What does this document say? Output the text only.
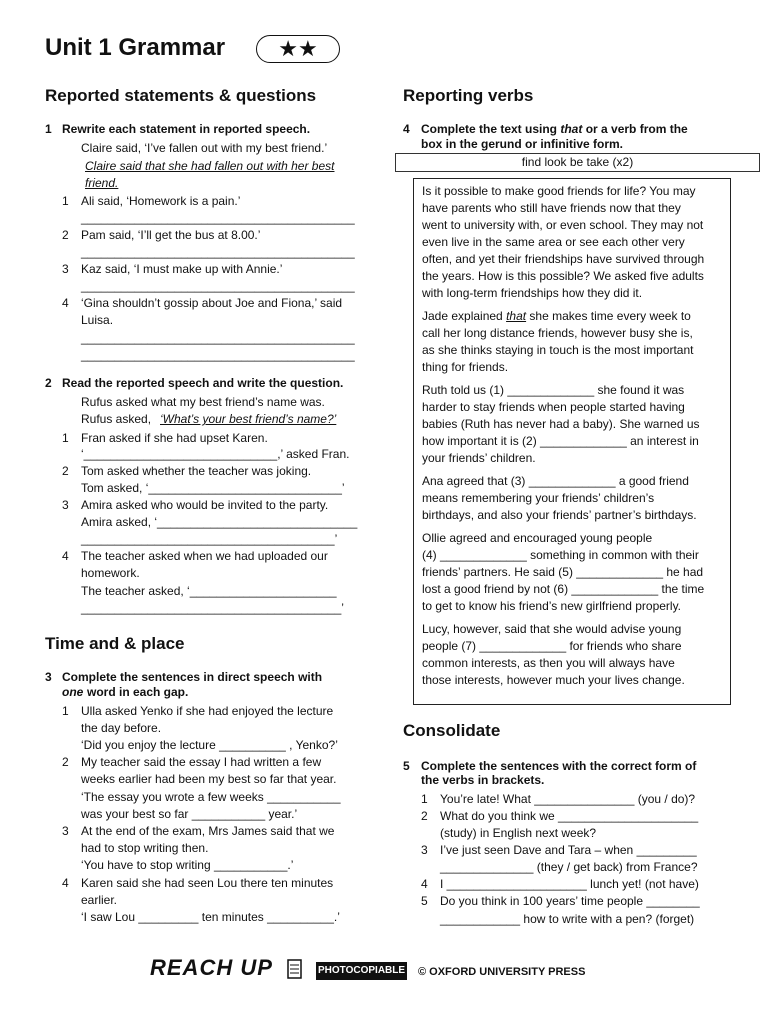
Unit 1 Grammar	★★
Reported statements & questions
1 Rewrite each statement in reported speech.
Claire said, ‘I’ve fallen out with my best friend.’
Claire said that she had fallen out with her best
friend.
1 Ali said, ‘Homework is a pain.’
_________________________________________
2 Pam said, ‘I’ll get the bus at 8.00.’
_________________________________________
3 Kaz said, ‘I must make up with Annie.’
_________________________________________
4 ‘Gina shouldn’t gossip about Joe and Fiona,’ said
Luisa.
_________________________________________
_________________________________________
2 Read the reported speech and write the question.
Rufus asked what my best friend’s name was.
Rufus asked, ‘What’s your best friend’s name?’
1 Fran asked if she had upset Karen.
‘_____________________________,’ asked Fran.
2 Tom asked whether the teacher was joking.
Tom asked, ‘_____________________________’
3 Amira asked who would be invited to the party.
Amira asked, ‘______________________________
______________________________________’
4 The teacher asked when we had uploaded our
homework.
The teacher asked, ‘______________________
_______________________________________’
Time and & place
3 Complete the sentences in direct speech with
one word in each gap.
1 Ulla asked Yenko if she had enjoyed the lecture
the day before.
‘Did you enjoy the lecture __________ , Yenko?’
2 My teacher said the essay I had written a few
weeks earlier had been my best so far that year.
‘The essay you wrote a few weeks ___________
was your best so far ___________ year.’
3 At the end of the exam, Mrs James said that we
had to stop writing then.
‘You have to stop writing ___________.’
4 Karen said she had seen Lou there ten minutes
earlier.
‘I saw Lou _________ ten minutes __________.’
Reporting verbs
4 Complete the text using that or a verb from the
box in the gerund or infinitive form.
find look be take (x2)

Is it possible to make good friends for life? You may
have parents who still have friends now that they
went to university with, or even school. They may not
even live in the same area or see each other very
often, and yet their friendships have survived through
the years. How is this possible? We asked five adults
with long-term friendships how they did it.

Jade explained that she makes time every week to
call her long distance friends, however busy she is,
as she thinks staying in touch is the most important
thing for friends.

Ruth told us (1) _____________ she found it was
harder to stay friends when people started having
babies (Ruth has never had a baby). She warned us
how important it is (2) _____________ an interest in
your friends’ children.

Ana agreed that (3) _____________ a good friend
means remembering your friends’ children’s
birthdays, and also your friends’ partner’s birthdays.

Ollie agreed and encouraged young people
(4) _____________ something in common with their
friends’ partners. He said (5) _____________ he had
lost a good friend by not (6) _____________ the time
to get to know his friend’s new girlfriend properly.

Lucy, however, said that she would advise young
people (7) _____________ for friends who share
common interests, as then you will always have
those interests, however much your lives change.

Consolidate
5 Complete the sentences with the correct form of
the verbs in brackets.
1 You’re late! What _______________ (you / do)?
2 What do you think we _____________________
(study) in English next week?
3 I’ve just seen Dave and Tara – when _________
______________ (they / get back) from France?
4 I _____________________ lunch yet! (not have)
5 Do you think in 100 years’ time people ________
____________ how to write with a pen? (forget)
REACH UP	PHOTOCOPIABLE © OXFORD UNIVERSITY PRESS
